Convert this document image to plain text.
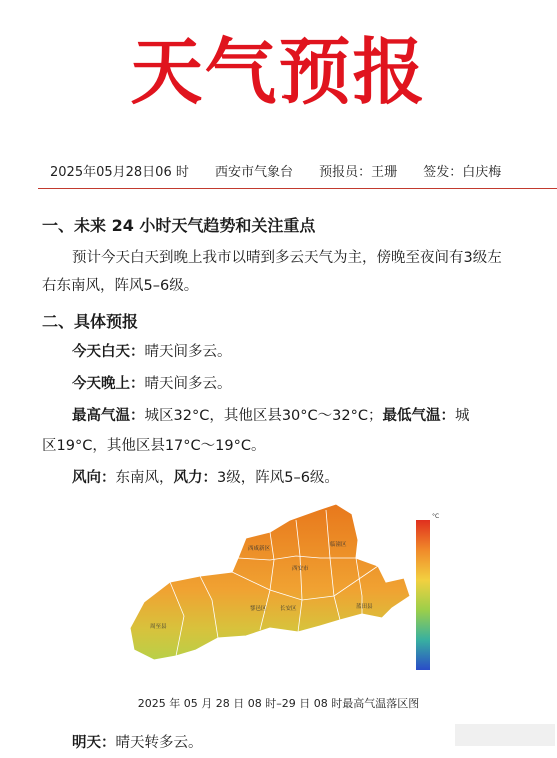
天气预报
2025年05月28日06 时 西安市气象台 预报员：王珊 签发：白庆梅
一、未来 24 小时天气趋势和关注重点
预计今天白天到晚上我市以晴到多云天气为主，傍晚至夜间有3级左右东南风，阵风5–6级。
二、具体预报
今天白天：晴天间多云。
今天晚上：晴天间多云。
最高气温：城区32°C，其他区县30°C～32°C；最低气温：城
区19°C，其他区县17°C～19°C。
风向：东南风，风力：3级，阵风5–6级。
周至县
鄠邑区 长安区	蓝田县
西安市
临潼区
西咸新区
°C
2025 年 05 月 28 日 08 时–29 日 08 时最高气温落区图
明天：晴天转多云。
